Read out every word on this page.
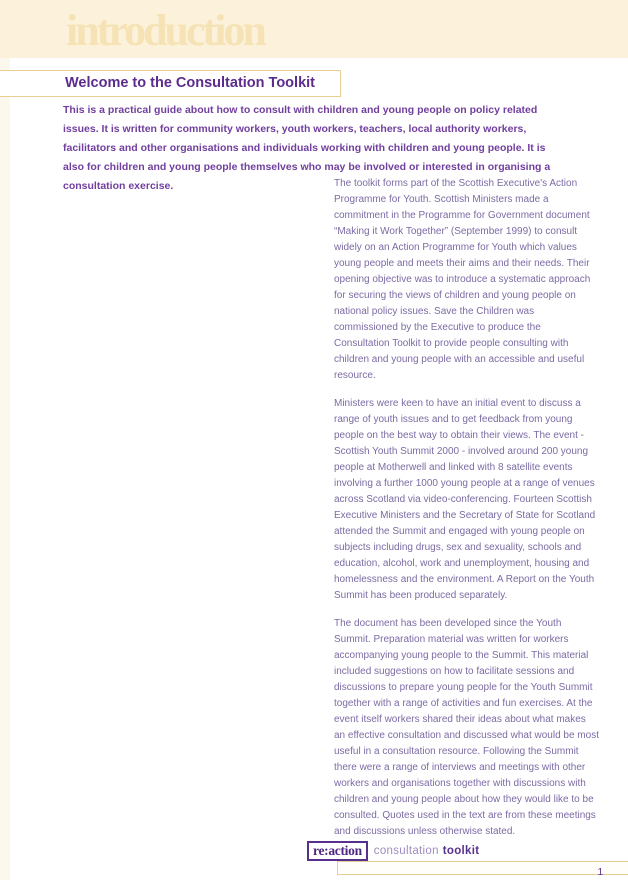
introduction
Welcome to the Consultation Toolkit
This is a practical guide about how to consult with children and young people on policy related issues. It is written for community workers, youth workers, teachers, local authority workers, facilitators and other organisations and individuals working with children and young people. It is also for children and young people themselves who may be involved or interested in organising a consultation exercise.	The toolkit forms part of the Scottish Executive's Action Programme for Youth. Scottish Ministers made a commitment in the Programme for Government document “Making it Work Together” (September 1999) to consult widely on an Action Programme for Youth which values young people and meets their aims and their needs. Their opening objective was to introduce a systematic approach for securing the views of children and young people on national policy issues. Save the Children was commissioned by the Executive to produce the Consultation Toolkit to provide people consulting with children and young people with an accessible and useful resource.

Ministers were keen to have an initial event to discuss a range of youth issues and to get feedback from young people on the best way to obtain their views. The event - Scottish Youth Summit 2000 - involved around 200 young people at Motherwell and linked with 8 satellite events involving a further 1000 young people at a range of venues across Scotland via video-conferencing. Fourteen Scottish Executive Ministers and the Secretary of State for Scotland attended the Summit and engaged with young people on subjects including drugs, sex and sexuality, schools and education, alcohol, work and unemployment, housing and homelessness and the environment. A Report on the Youth Summit has been produced separately.

The document has been developed since the Youth Summit. Preparation material was written for workers accompanying young people to the Summit. This material included suggestions on how to facilitate sessions and discussions to prepare young people for the Youth Summit together with a range of activities and fun exercises. At the event itself workers shared their ideas about what makes an effective consultation and discussed what would be most useful in a consultation resource. Following the Summit there were a range of interviews and meetings with other workers and organisations together with discussions with children and young people about how they would like to be consulted. Quotes used in the text are from these meetings and discussions unless otherwise stated.

re:action consultation toolkit
1
